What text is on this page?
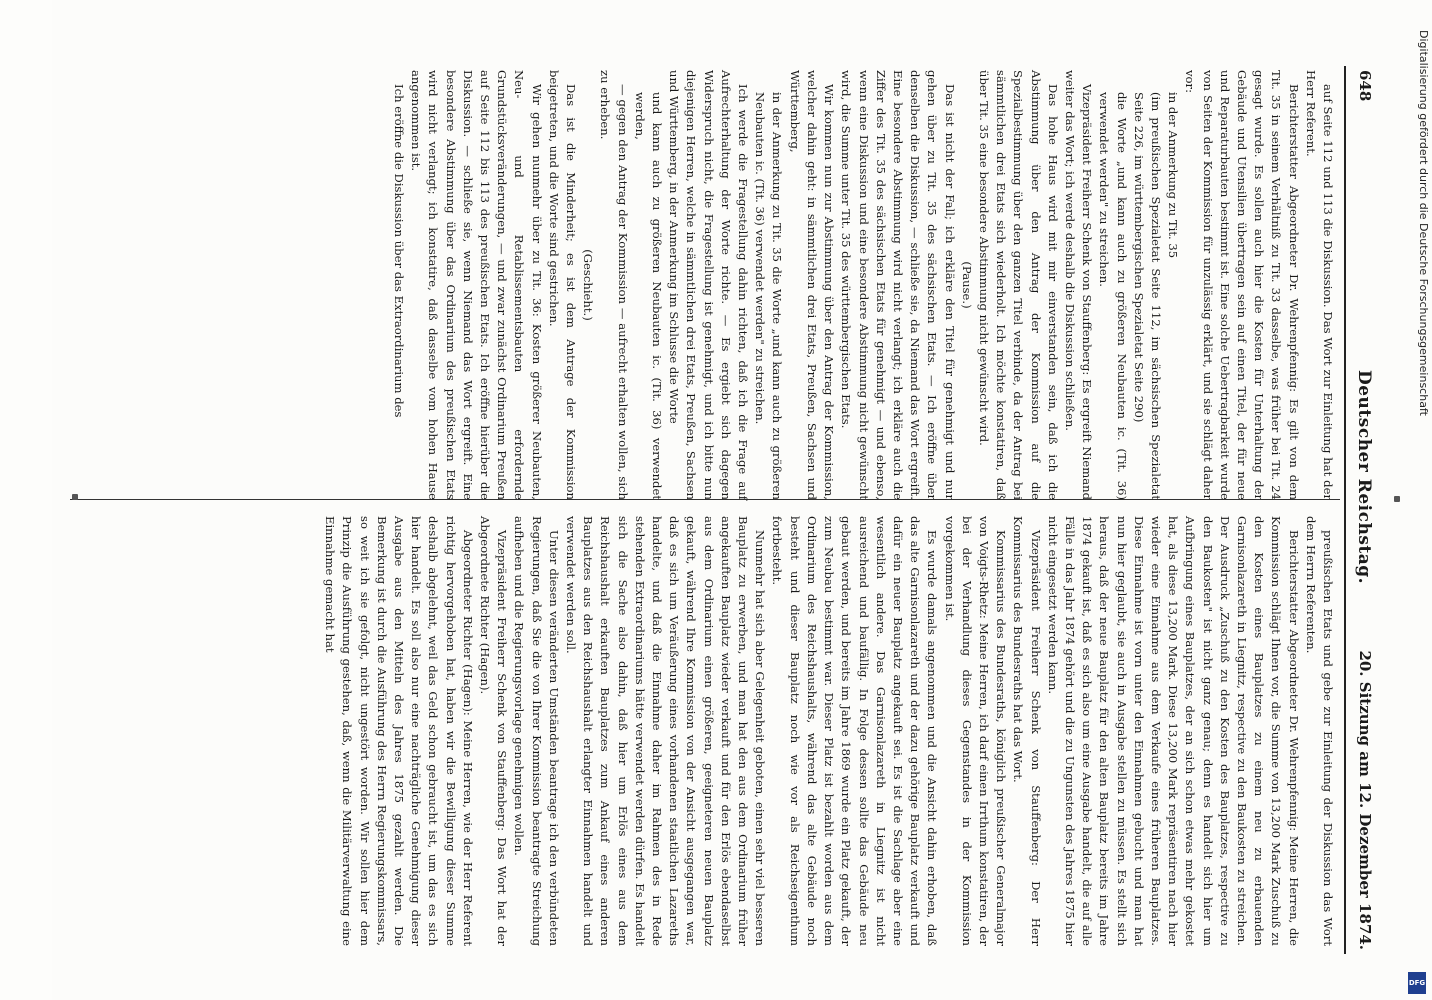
648
Deutscher Reichstag.
20. Sitzung am 12. Dezember 1874.

auf Seite 112 und 113 die Diskussion. Das Wort zur Einleitung hat der Herr Referent.

Berichterstatter Abgeordneter Dr. Wehrenpfennig: Es gilt von dem Tit. 35 in seinem Verhältniß zu Tit. 33 dasselbe, was früher bei Tit. 24 gesagt wurde. Es sollen auch hier die Kosten für Unterhaltung der Gebäude und Utensilien übertragen sein auf einen Titel, der für neue und Reparaturbauten bestimmt ist. Eine solche Uebertragbarkeit wurde von Seiten der Kommission für unzulässig erklärt, und sie schlägt daher vor:

in der Anmerkung zu Tit. 35

(im preußischen Spezialetat Seite 112, im sächsischen Spezialetat Seite 226, im württembergischen Spezialetat Seite 290)

die Worte „und kann auch zu größeren Neubauten ic. (Tit. 36) verwendet werden" zu streichen.

Vizepräsident Freiherr Schenk von Stauffenberg: Es ergreift Niemand weiter das Wort; ich werde deshalb die Diskussion schließen.

Das hohe Haus wird mit mir einverstanden sein, daß ich die Abstimmung über den Antrag der Kommission auf die Spezialbestimmung über den ganzen Titel verbinde, da der Antrag bei sämmtlichen drei Etats sich wiederholt. Ich möchte konstatiren, daß über Tit. 35 eine besondere Abstimmung nicht gewünscht wird.

(Pause.)

Das ist nicht der Fall; ich erkläre den Titel für genehmigt und nur gehen über zu Tit. 35 des sächsischen Etats. — Ich eröffne über denselben die Diskussion, — schließe sie, da Niemand das Wort ergreift. Eine besondere Abstimmung wird nicht verlangt; ich erkläre auch die Ziffer des Tit. 35 des sächsischen Etats für genehmigt — und ebenso, wenn eine Diskussion und eine besondere Abstimmung nicht gewünscht wird, die Summe unter Tit. 35 des württembergischen Etats.

Wir kommen nun zur Abstimmung über den Antrag der Kommission, welcher dahin geht: in sämmtlichen drei Etats, Preußen, Sachsen und Württemberg,

in der Anmerkung zu Tit. 35 die Worte „und kann auch zu größeren Neubauten ic. (Tit. 36) verwendet werden" zu streichen.

Ich werde die Fragestellung dahin richten, daß ich die Frage auf Aufrechterhaltung der Worte richte. — Es ergiebt sich dagegen Widerspruch nicht, die Fragestellung ist genehmigt, und ich bitte nun diejenigen Herren, welche in sämmtlichen drei Etats, Preußen, Sachsen und Württemberg, in der Anmerkung im Schlusse die Worte

und kann auch zu größeren Neubauten ic. (Tit. 36) verwendet werden,

— gegen den Antrag der Kommission — aufrecht erhalten wollen, sich zu erheben.

(Geschieht.)

Das ist die Minderheit; es ist dem Antrage der Kommission beigetreten, und die Worte sind gestrichen.

Wir gehen nunmehr über zu Tit. 36: Kosten größerer Neubauten, Neu- und Retablissementsbauten erfordernde Grundstücksveränderungen, — und zwar zunächst Ordinarium Preußen auf Seite 112 bis 113 des preußischen Etats. Ich eröffne hierüber die Diskussion. — schließe sie, wenn Niemand das Wort ergreift. Eine besondere Abstimmung über das Ordinarium des preußischen Etats wird nicht verlangt; ich konstatire, daß dasselbe vom hohen Hause angenommen ist.

Ich eröffne die Diskussion über das Extraordinarium des

preußischen Etats und gebe zur Einleitung der Diskussion das Wort dem Herrn Referenten.

Berichterstatter Abgeordneter Dr. Wehrenpfennig: Meine Herren, die Kommission schlägt Ihnen vor, die Summe von 13,200 Mark Zuschuß zu den Kosten eines Bauplatzes zu einem neu zu erbauenden Garnisonlazareth in Liegnitz, respective zu den Baukosten zu streichen. Der Ausdruck „Zuschuß zu den Kosten des Bauplatzes, respective zu den Baukosten" ist nicht ganz genau; denn es handelt sich hier um Aufbringung eines Bauplatzes, der an sich schon etwas mehr gekostet hat, als diese 13,200 Mark. Diese 13,200 Mark repräsentiren nach hier wieder eine Einnahme aus dem Verkaufe eines früheren Bauplatzes. Diese Einnahme ist vorn unter den Einnahmen gebucht und man hat nun hier geglaubt, sie auch in Ausgabe stellen zu müssen. Es stellt sich heraus, daß der neue Bauplatz für den alten Bauplatz bereits im Jahre 1874 gekauft ist, daß es sich also um eine Ausgabe handelt, die auf alle Fälle in das Jahr 1874 gehört und die zu Ungunsten des Jahres 1875 hier nicht eingesetzt werden kann.

Vizepräsident Freiherr Schenk von Stauffenberg: Der Herr Kommissarius des Bundesraths hat das Wort.

Kommissarius des Bundesraths, königlich preußischer Generalmajor von Voigts-Rhetz: Meine Herren, ich darf einen Irrthum konstatiren, der bei der Verhandlung dieses Gegenstandes in der Kommission vorgekommen ist.

Es wurde damals angenommen und die Ansicht dahin erhoben, daß das alte Garnisonlazareth und der dazu gehörige Bauplatz verkauft und dafür ein neuer Bauplatz angekauft sei. Es ist die Sachlage aber eine wesentlich andere. Das Garnisonlazareth in Liegnitz ist nicht ausreichend und baufällig. In Folge dessen sollte das Gebäude neu gebaut werden, und bereits im Jahre 1869 wurde ein Platz gekauft, der zum Neubau bestimmt war. Dieser Platz ist bezahlt worden aus dem Ordinarium des Reichshaushalts, während das alte Gebäude noch besteht und dieser Bauplatz noch wie vor als Reichseigenthum fortbesteht.

Nunmehr hat sich aber Gelegenheit geboten, einen sehr viel besseren Bauplatz zu erwerben, und man hat den aus dem Ordinarium früher angekauften Bauplatz wieder verkauft und für den Erlös ebendaselbst aus dem Ordinarium einen größeren, geeigneteren neuen Bauplatz gekauft, während Ihre Kommission von der Ansicht ausgegangen war, daß es sich um Veräußerung eines vorhandenen staatlichen Lazareths handelte, und daß die Einnahme daher im Rahmen des in Rede stehenden Extraordinariums hätte verwendet werden dürfen. Es handelt sich die Sache also dahin, daß hier um Erlös eines aus dem Reichshaushalt erkauften Bauplatzes zum Ankauf eines anderen Bauplatzes aus den Reichshaushalt erlangter Einnahmen handelt und verwendet werden soll.

Unter diesen veränderten Umständen beantrage ich den verbündeten Regierungen, daß Sie die von Ihrer Kommission beantragte Streichung aufheben und die Regierungsvorlage genehmigen wollen.

Vizepräsident Freiherr Schenk von Stauffenberg: Das Wort hat der Abgeordnete Richter (Hagen).

Abgeordneter Richter (Hagen): Meine Herren, wie der Herr Referent richtig hervorgehoben hat, haben wir die Bewilligung dieser Summe deshalb abgelehnt, weil das Geld schon gebraucht ist, um das es sich hier handelt. Es soll also nur eine nachträgliche Genehmigung dieser Ausgabe aus den Mitteln des Jahres 1875 gezahlt werden. Die Bemerkung ist durch die Ausführung des Herrn Regierungskommissars, so weit ich sie gefolgt, nicht ungestört worden. Wir sollen hier dem Prinzip die Ausführung gestehen, daß, wenn die Militärverwaltung eine Einnahme gemacht hat

Digitalisierung gefördert durch die Deutsche Forschungsgemeinschaft
DFG
